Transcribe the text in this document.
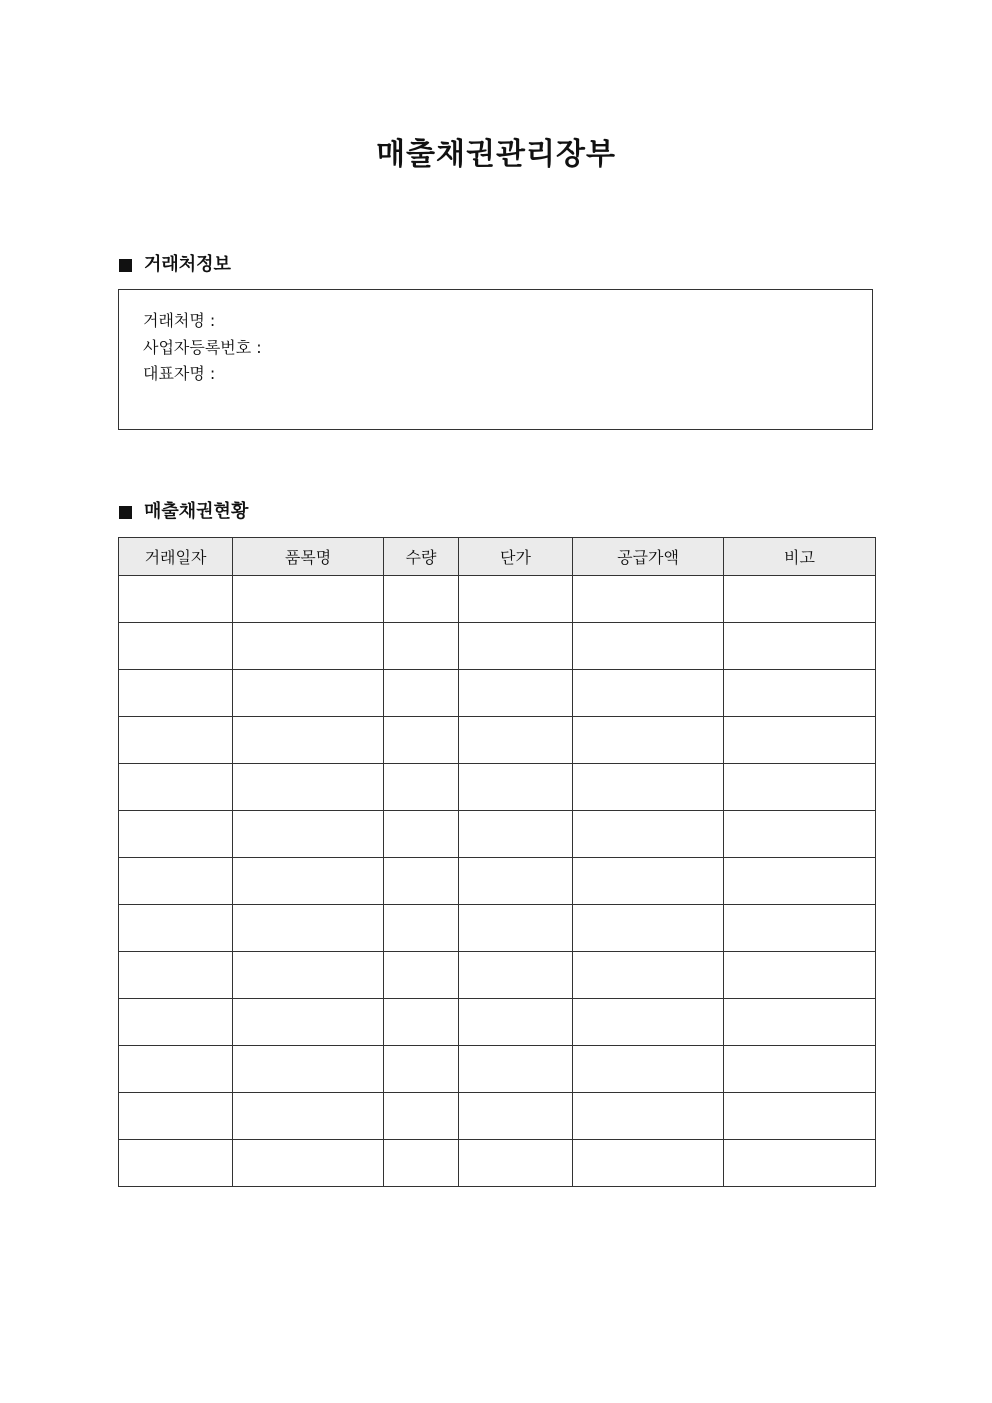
매출채권관리장부
거래처정보
거래처명 :
사업자등록번호 :
대표자명 :
매출채권현황
거래일자	품목명	수량	단가	공급가액	비고
